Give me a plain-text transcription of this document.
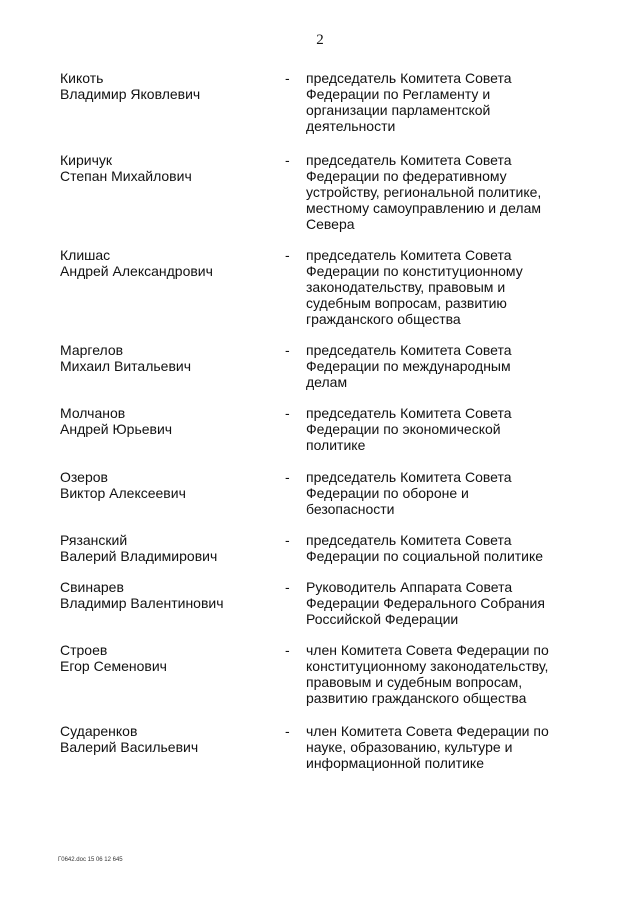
2
Кикоть
Владимир Яковлевич
-	председатель Комитета Совета
Федерации по Регламенту и
организации парламентской
деятельности
Киричук
Степан Михайлович
-	председатель Комитета Совета
Федерации по федеративному
устройству, региональной политике,
местному самоуправлению и делам
Севера
Клишас
Андрей Александрович
-	председатель Комитета Совета
Федерации по конституционному
законодательству, правовым и
судебным вопросам, развитию
гражданского общества
Маргелов
Михаил Витальевич
-	председатель Комитета Совета
Федерации по международным
делам
Молчанов
Андрей Юрьевич
-	председатель Комитета Совета
Федерации по экономической
политике
Озеров
Виктор Алексеевич
-	председатель Комитета Совета
Федерации по обороне и
безопасности
Рязанский
Валерий Владимирович
-	председатель Комитета Совета
Федерации по социальной политике
Свинарев
Владимир Валентинович
-	Руководитель Аппарата Совета
Федерации Федерального Собрания
Российской Федерации
Строев
Егор Семенович
-	член Комитета Совета Федерации по
конституционному законодательству,
правовым и судебным вопросам,
развитию гражданского общества
Сударенков
Валерий Васильевич
-	член Комитета Совета Федерации по
науке, образованию, культуре и
информационной политике
Г0642.doc 15 06 12 645
